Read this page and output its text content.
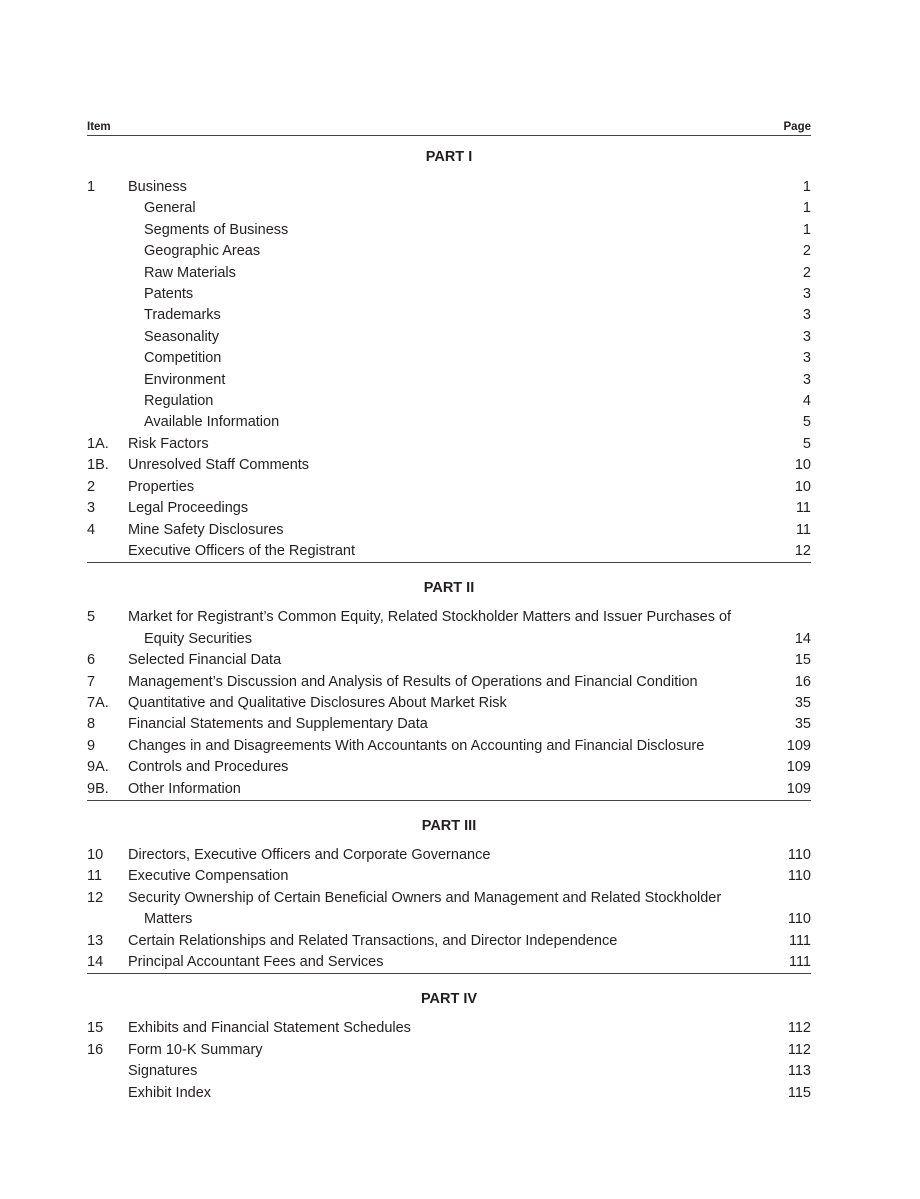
Item	Page
PART I
1	Business	1
General	1
Segments of Business	1
Geographic Areas	2
Raw Materials	2
Patents	3
Trademarks	3
Seasonality	3
Competition	3
Environment	3
Regulation	4
Available Information	5
1A.	Risk Factors	5
1B.	Unresolved Staff Comments	10
2	Properties	10
3	Legal Proceedings	11
4	Mine Safety Disclosures	11
Executive Officers of the Registrant	12
PART II
5	Market for Registrant’s Common Equity, Related Stockholder Matters and Issuer Purchases of
Equity Securities	14
6	Selected Financial Data	15
7	Management’s Discussion and Analysis of Results of Operations and Financial Condition	16
7A.	Quantitative and Qualitative Disclosures About Market Risk	35
8	Financial Statements and Supplementary Data	35
9	Changes in and Disagreements With Accountants on Accounting and Financial Disclosure	109
9A.	Controls and Procedures	109
9B.	Other Information	109
PART III
10	Directors, Executive Officers and Corporate Governance	110
11	Executive Compensation	110
12	Security Ownership of Certain Beneficial Owners and Management and Related Stockholder
Matters	110
13	Certain Relationships and Related Transactions, and Director Independence	111
14	Principal Accountant Fees and Services	111
PART IV
15	Exhibits and Financial Statement Schedules	112
16	Form 10-K Summary	112
Signatures	113
Exhibit Index	115
